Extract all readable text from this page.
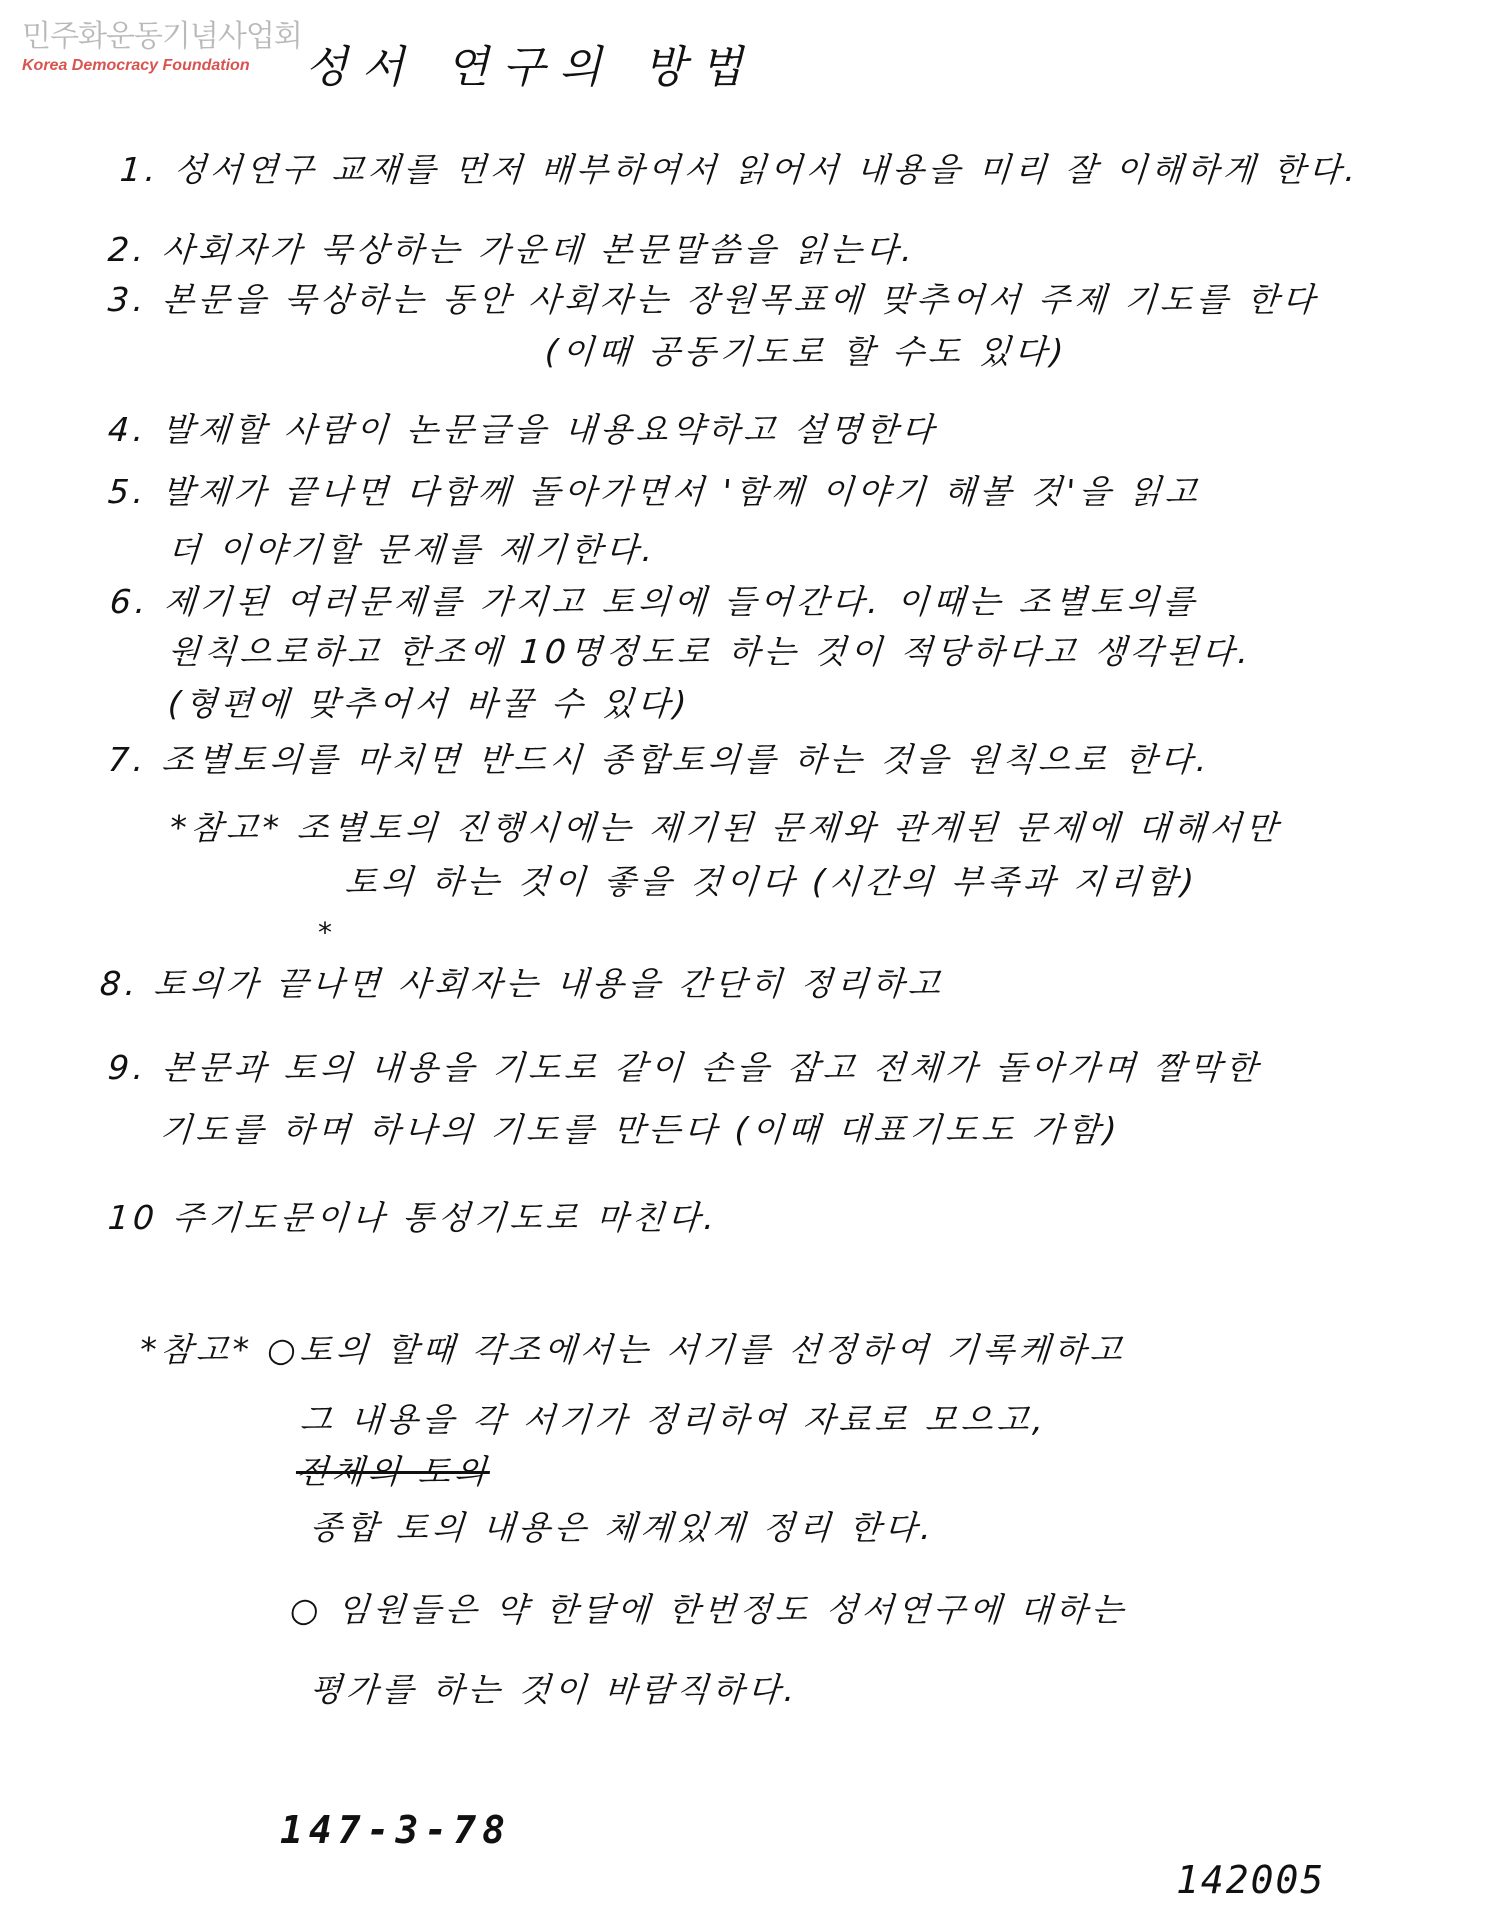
민주화운동기념사업회
Korea Democracy Foundation	성서 연구의 방법
1. 성서연구 교재를 먼저 배부하여서 읽어서 내용을 미리 잘 이해하게 한다.
2. 사회자가 묵상하는 가운데 본문말씀을 읽는다.
3. 본문을 묵상하는 동안 사회자는 장원목표에 맞추어서 주제 기도를 한다
(이때 공동기도로 할 수도 있다)
4. 발제할 사람이 논문글을 내용요약하고 설명한다
5. 발제가 끝나면 다함께 돌아가면서 '함께 이야기 해볼 것'을 읽고
더 이야기할 문제를 제기한다.
6. 제기된 여러문제를 가지고 토의에 들어간다. 이때는 조별토의를
원칙으로하고 한조에 10명정도로 하는 것이 적당하다고 생각된다.
(형편에 맞추어서 바꿀 수 있다)
7. 조별토의를 마치면 반드시 종합토의를 하는 것을 원칙으로 한다.
*참고* 조별토의 진행시에는 제기된 문제와 관계된 문제에 대해서만
토의 하는 것이 좋을 것이다 (시간의 부족과 지리함)
*
8. 토의가 끝나면 사회자는 내용을 간단히 정리하고
9. 본문과 토의 내용을 기도로 같이 손을 잡고 전체가 돌아가며 짤막한
기도를 하며 하나의 기도를 만든다 (이때 대표기도도 가함)
10 주기도문이나 통성기도로 마친다.
*참고* ○토의 할때 각조에서는 서기를 선정하여 기록케하고
그 내용을 각 서기가 정리하여 자료로 모으고,
전체의 토의
종합 토의 내용은 체계있게 정리 한다.
○ 임원들은 약 한달에 한번정도 성서연구에 대하는
평가를 하는 것이 바람직하다.
147-3-78
142005
